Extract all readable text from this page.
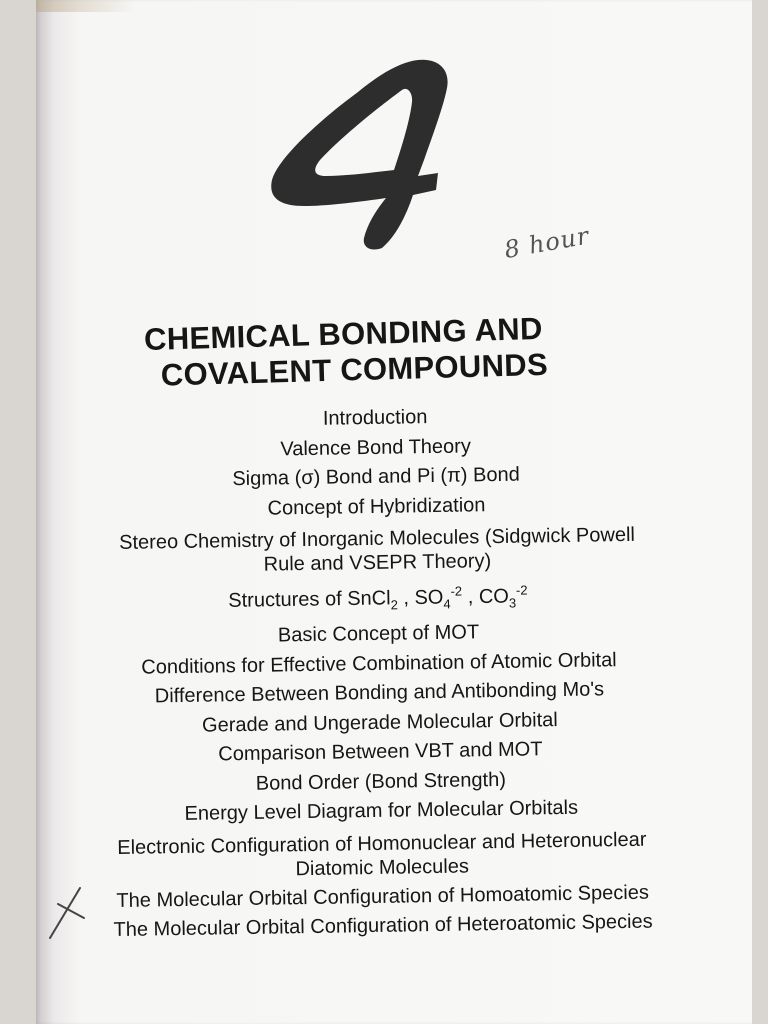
8 hour
CHEMICAL BONDING AND
COVALENT COMPOUNDS
Introduction
Valence Bond Theory
Sigma (σ) Bond and Pi (π) Bond
Concept of Hybridization
Stereo Chemistry of Inorganic Molecules (Sidgwick Powell
Rule and VSEPR Theory)
Structures of SnCl$_2$ , $SO_4^{-2}$ , $CO_3^{-2}$
Basic Concept of MOT
Conditions for Effective Combination of Atomic Orbital
Difference Between Bonding and Antibonding Mo's
Gerade and Ungerade Molecular Orbital
Comparison Between VBT and MOT
Bond Order (Bond Strength)
Energy Level Diagram for Molecular Orbitals
Electronic Configuration of Homonuclear and Heteronuclear
Diatomic Molecules
The Molecular Orbital Configuration of Homoatomic Species
The Molecular Orbital Configuration of Heteroatomic Species
